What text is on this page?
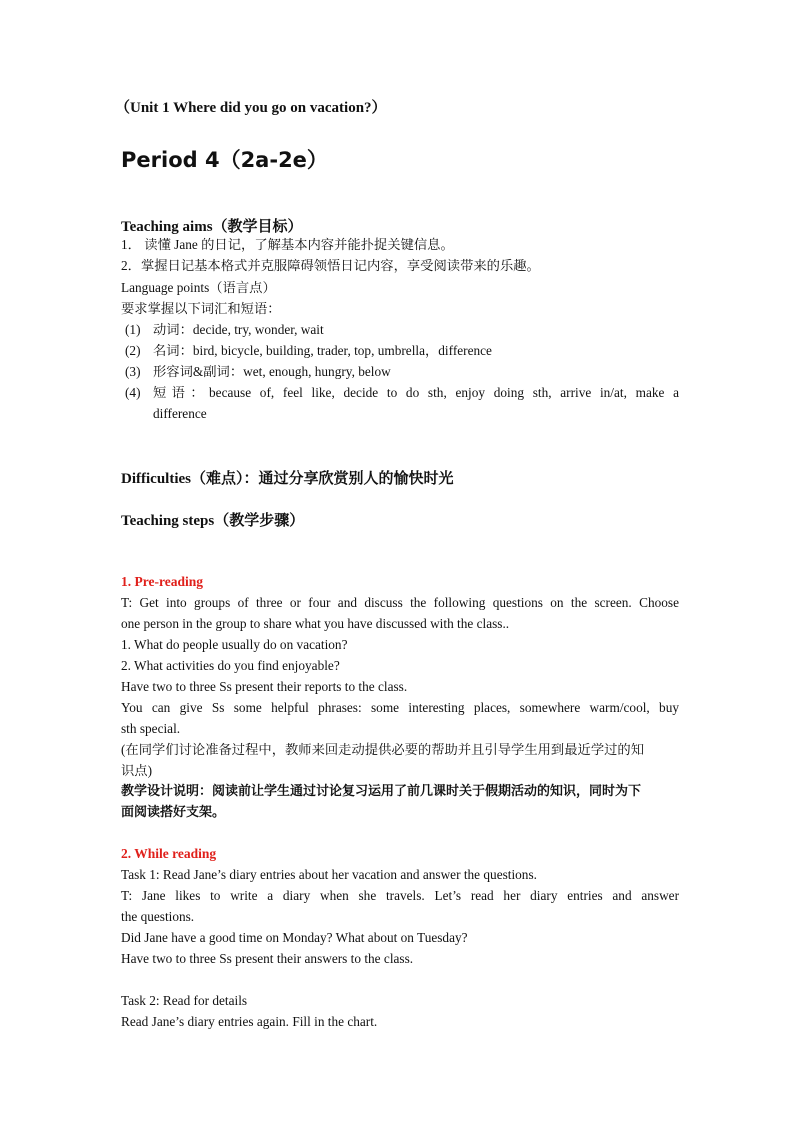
（Unit 1 Where did you go on vacation?）
Period 4（2a-2e）
Teaching aims（教学目标）
1． 读懂 Jane 的日记，了解基本内容并能扑捉关键信息。
2．掌握日记基本格式并克服障碍领悟日记内容，享受阅读带来的乐趣。
Language points（语言点）
要求掌握以下词汇和短语：
(1) 动词：decide, try, wonder, wait
(2) 名词：bird, bicycle, building, trader, top, umbrella，difference
(3) 形容词&副词：wet, enough, hungry, below
(4) 短语：because of, feel like, decide to do sth, enjoy doing sth, arrive in/at, make a
difference
Difficulties（难点）：通过分享欣赏别人的愉快时光
Teaching steps（教学步骤）
1. Pre-reading
T: Get into groups of three or four and discuss the following questions on the screen. Choose
one person in the group to share what you have discussed with the class..
1. What do people usually do on vacation?
2. What activities do you find enjoyable?
Have two to three Ss present their reports to the class.
You can give Ss some helpful phrases: some interesting places, somewhere warm/cool, buy
sth special.
(在同学们讨论准备过程中，教师来回走动提供必要的帮助并且引导学生用到最近学过的知
识点)
教学设计说明：阅读前让学生通过讨论复习运用了前几课时关于假期活动的知识，同时为下
面阅读搭好支架。
2. While reading
Task 1: Read Jane’s diary entries about her vacation and answer the questions.
T: Jane likes to write a diary when she travels. Let’s read her diary entries and answer
the questions.
Did Jane have a good time on Monday? What about on Tuesday?
Have two to three Ss present their answers to the class.
Task 2: Read for details
Read Jane’s diary entries again. Fill in the chart.
